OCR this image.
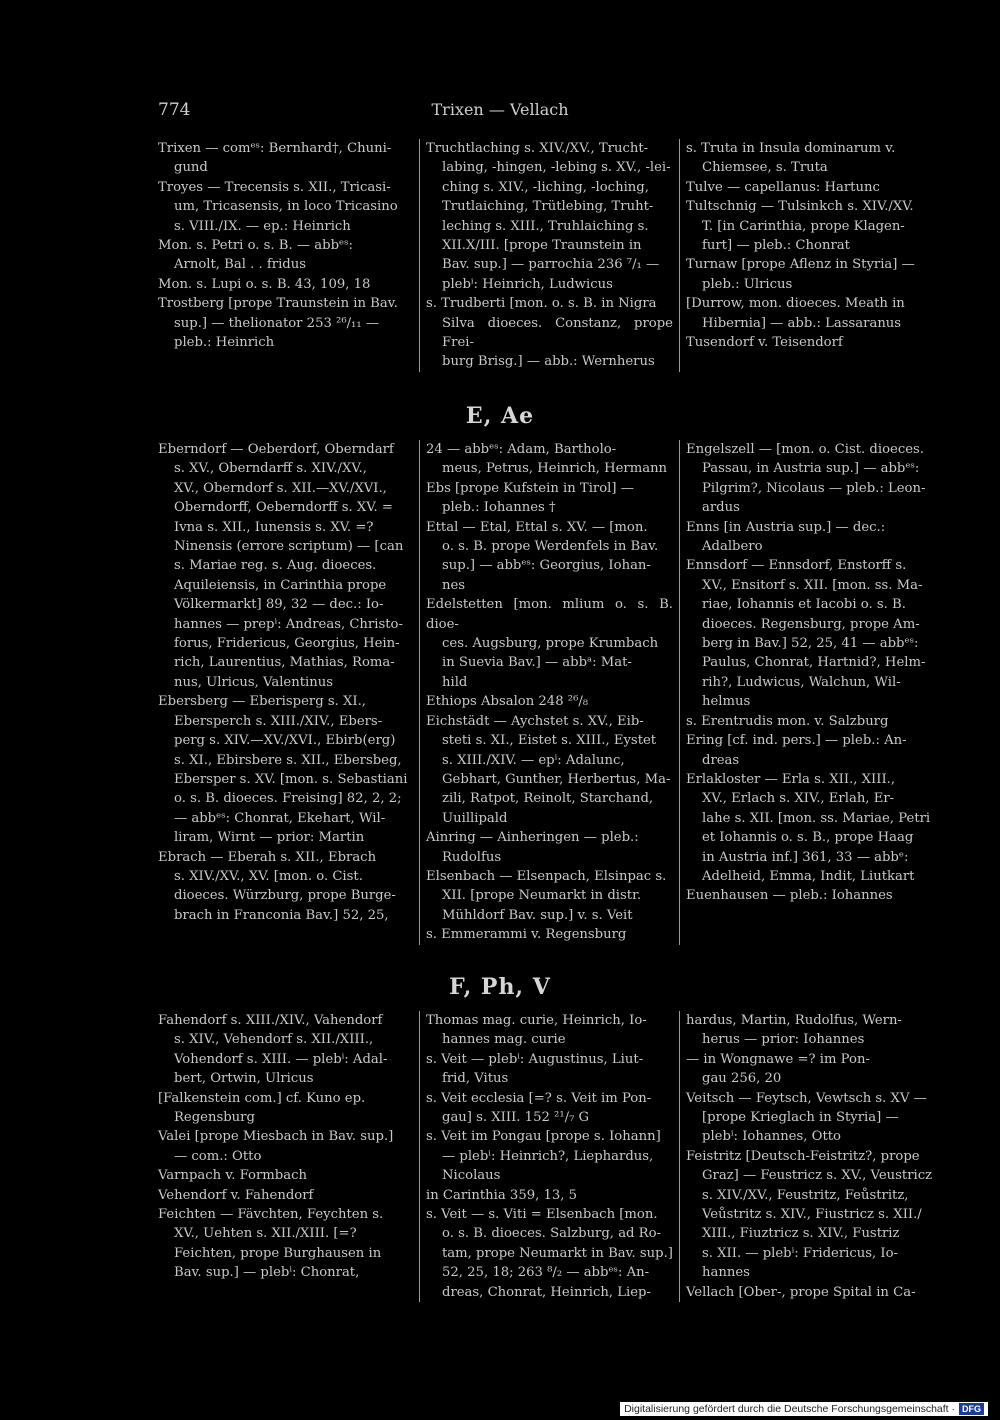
774	Trixen — Vellach
Trixen — comᵉˢ: Bernhard†, Chuni-
gund
Troyes — Trecensis s. XII., Tricasi-
um, Tricasensis, in loco Tricasino
s. VIII./IX. — ep.: Heinrich
Mon. s. Petri o. s. B. — abbᵉˢ:
Arnolt, Bal . . fridus
Mon. s. Lupi o. s. B. 43, 109, 18
Trostberg [prope Traunstein in Bav.
sup.] — thelionator 253 ²⁶/₁₁ —
pleb.: Heinrich
Truchtlaching s. XIV./XV., Trucht-
labing, -hingen, -lebing s. XV., -lei-
ching s. XIV., -liching, -loching,
Trutlaiching, Trütlebing, Truht-
leching s. XIII., Truhlaiching s.
XII.X/III. [prope Traunstein in
Bav. sup.] — parrochia 236 ⁷/₁ —
plebⁱ: Heinrich, Ludwicus
s. Trudberti [mon. o. s. B. in Nigra
Silva dioeces. Constanz, prope Frei-
burg Brisg.] — abb.: Wernherus
s. Truta in Insula dominarum v.
Chiemsee, s. Truta
Tulve — capellanus: Hartunc
Tultschnig — Tulsinkch s. XIV./XV.
T. [in Carinthia, prope Klagen-
furt] — pleb.: Chonrat
Turnaw [prope Aflenz in Styria] —
pleb.: Ulricus
[Durrow, mon. dioeces. Meath in
Hibernia] — abb.: Lassaranus
Tusendorf v. Teisendorf
E, Ae
Eberndorf — Oeberdorf, Oberndarf
s. XV., Oberndarff s. XIV./XV.,
XV., Oberndorf s. XII.—XV./XVI.,
Oberndorff, Oeberndorff s. XV. =
Ivna s. XII., Iunensis s. XV. =?
Ninensis (errore scriptum) — [can
s. Mariae reg. s. Aug. dioeces.
Aquileiensis, in Carinthia prope
Völkermarkt] 89, 32 — dec.: Io-
hannes — prepⁱ: Andreas, Christo-
forus, Fridericus, Georgius, Hein-
rich, Laurentius, Mathias, Roma-
nus, Ulricus, Valentinus
Ebersberg — Eberisperg s. XI.,
Ebersperch s. XIII./XIV., Ebers-
perg s. XIV.—XV./XVI., Ebirb(erg)
s. XI., Ebirsbere s. XII., Ebersbeg,
Ebersper s. XV. [mon. s. Sebastiani
o. s. B. dioeces. Freising] 82, 2, 2;
— abbᵉˢ: Chonrat, Ekehart, Wil-
liram, Wirnt — prior: Martin
Ebrach — Eberah s. XII., Ebrach
s. XIV./XV., XV. [mon. o. Cist.
dioeces. Würzburg, prope Burge-
brach in Franconia Bav.] 52, 25,
24 — abbᵉˢ: Adam, Bartholo-
meus, Petrus, Heinrich, Hermann
Ebs [prope Kufstein in Tirol] —
pleb.: Iohannes †
Ettal — Etal, Ettal s. XV. — [mon.
o. s. B. prope Werdenfels in Bav.
sup.] — abbᵉˢ: Georgius, Iohan-
nes
Edelstetten [mon. mlium o. s. B. dioe-
ces. Augsburg, prope Krumbach
in Suevia Bav.] — abbᵃ: Mat-
hild
Ethiops Absalon 248 ²⁶/₈
Eichstädt — Aychstet s. XV., Eib-
steti s. XI., Eistet s. XIII., Eystet
s. XIII./XIV. — epⁱ: Adalunc,
Gebhart, Gunther, Herbertus, Ma-
zili, Ratpot, Reinolt, Starchand,
Uuillipald
Ainring — Ainheringen — pleb.:
Rudolfus
Elsenbach — Elsenpach, Elsinpac s.
XII. [prope Neumarkt in distr.
Mühldorf Bav. sup.] v. s. Veit
s. Emmerammi v. Regensburg
Engelszell — [mon. o. Cist. dioeces.
Passau, in Austria sup.] — abbᵉˢ:
Pilgrim?, Nicolaus — pleb.: Leon-
ardus
Enns [in Austria sup.] — dec.:
Adalbero
Ennsdorf — Ennsdorf, Enstorff s.
XV., Ensitorf s. XII. [mon. ss. Ma-
riae, Iohannis et Iacobi o. s. B.
dioeces. Regensburg, prope Am-
berg in Bav.] 52, 25, 41 — abbᵉˢ:
Paulus, Chonrat, Hartnid?, Helm-
rih?, Ludwicus, Walchun, Wil-
helmus
s. Erentrudis mon. v. Salzburg
Ering [cf. ind. pers.] — pleb.: An-
dreas
Erlakloster — Erla s. XII., XIII.,
XV., Erlach s. XIV., Erlah, Er-
lahe s. XII. [mon. ss. Mariae, Petri
et Iohannis o. s. B., prope Haag
in Austria inf.] 361, 33 — abbᵉ:
Adelheid, Emma, Indit, Liutkart
Euenhausen — pleb.: Iohannes
F, Ph, V
Fahendorf s. XIII./XIV., Vahendorf
s. XIV., Vehendorf s. XII./XIII.,
Vohendorf s. XIII. — plebⁱ: Adal-
bert, Ortwin, Ulricus
[Falkenstein com.] cf. Kuno ep.
Regensburg
Valei [prope Miesbach in Bav. sup.]
— com.: Otto
Varnpach v. Formbach
Vehendorf v. Fahendorf
Feichten — Fävchten, Feychten s.
XV., Uehten s. XII./XIII. [=?
Feichten, prope Burghausen in
Bav. sup.] — plebⁱ: Chonrat,
Thomas mag. curie, Heinrich, Io-
hannes mag. curie
s. Veit — plebⁱ: Augustinus, Liut-
frid, Vitus
s. Veit ecclesia [=? s. Veit im Pon-
gau] s. XIII. 152 ²¹/₇ G
s. Veit im Pongau [prope s. Iohann]
— plebⁱ: Heinrich?, Liephardus,
Nicolaus
in Carinthia 359, 13, 5
s. Veit — s. Viti = Elsenbach [mon.
o. s. B. dioeces. Salzburg, ad Ro-
tam, prope Neumarkt in Bav. sup.]
52, 25, 18; 263 ⁸/₂ — abbᵉˢ: An-
dreas, Chonrat, Heinrich, Liep-
hardus, Martin, Rudolfus, Wern-
herus — prior: Iohannes
— in Wongnawe =? im Pon-
gau 256, 20
Veitsch — Feytsch, Vewtsch s. XV —
[prope Krieglach in Styria] —
plebⁱ: Iohannes, Otto
Feistritz [Deutsch-Feistritz?, prope
Graz] — Feustricz s. XV., Veustricz
s. XIV./XV., Feustritz, Feůstritz,
Veůstritz s. XIV., Fiustricz s. XII./
XIII., Fiuztricz s. XIV., Fustriz
s. XII. — plebⁱ: Fridericus, Io-
hannes
Vellach [Ober-, prope Spital in Ca-
Digitalisierung gefördert durch die Deutsche Forschungsgemeinschaft · DFG
